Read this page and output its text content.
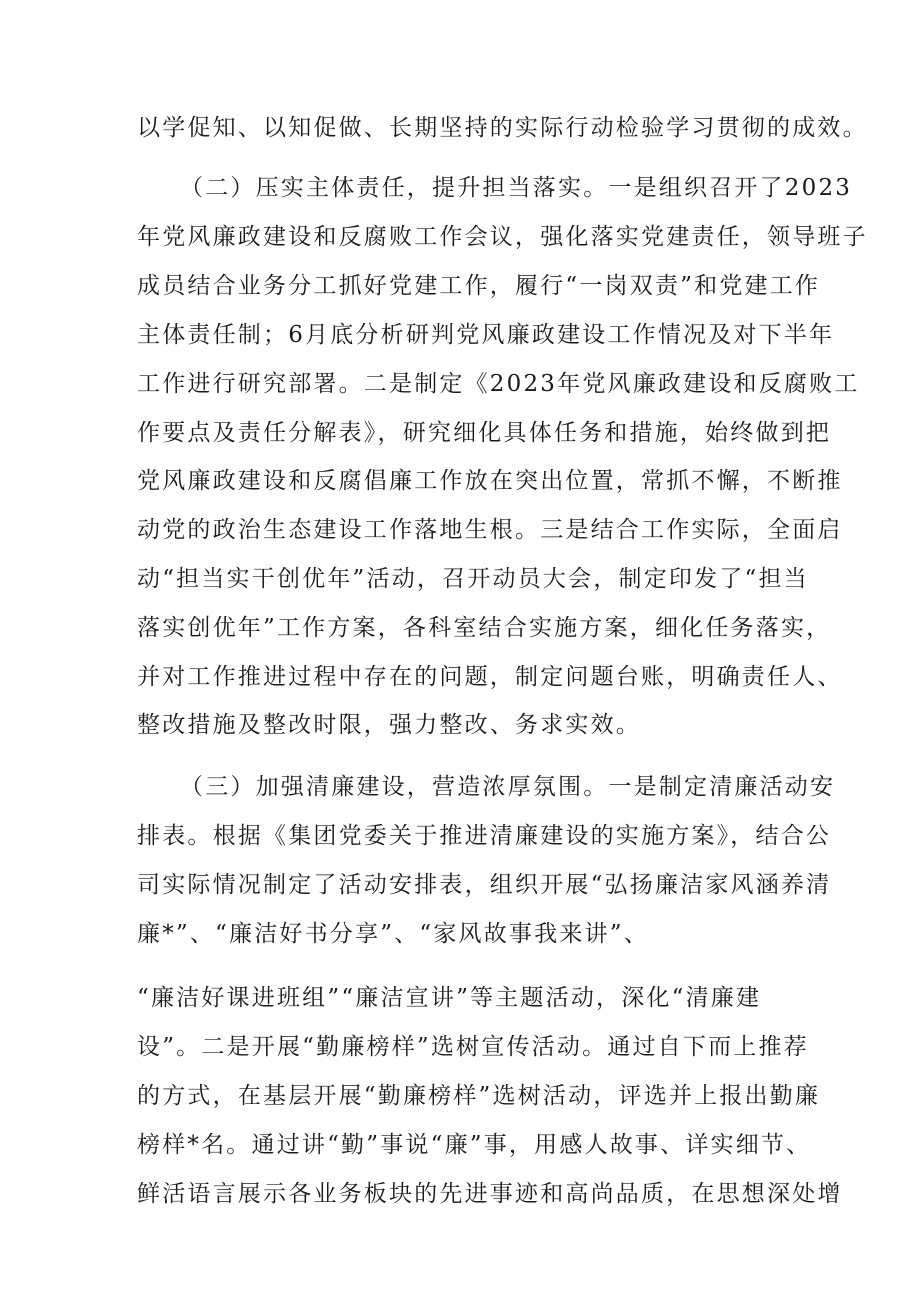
以学促知、以知促做、长期坚持的实际行动检验学习贯彻的成效。
（二）压实主体责任，提升担当落实。一是组织召开了2023
年党风廉政建设和反腐败工作会议，强化落实党建责任，领导班子
成员结合业务分工抓好党建工作，履行“一岗双责”和党建工作
主体责任制；6月底分析研判党风廉政建设工作情况及对下半年
工作进行研究部署。二是制定《2023年党风廉政建设和反腐败工
作要点及责任分解表》，研究细化具体任务和措施，始终做到把
党风廉政建设和反腐倡廉工作放在突出位置，常抓不懈，不断推
动党的政治生态建设工作落地生根。三是结合工作实际，全面启
动“担当实干创优年”活动，召开动员大会，制定印发了“担当
落实创优年”工作方案，各科室结合实施方案，细化任务落实，
并对工作推进过程中存在的问题，制定问题台账，明确责任人、
整改措施及整改时限，强力整改、务求实效。
（三）加强清廉建设，营造浓厚氛围。一是制定清廉活动安
排表。根据《集团党委关于推进清廉建设的实施方案》，结合公
司实际情况制定了活动安排表，组织开展“弘扬廉洁家风涵养清
廉*”、“廉洁好书分享”、“家风故事我来讲”、
“廉洁好课进班组”“廉洁宣讲”等主题活动，深化“清廉建
设”。二是开展“勤廉榜样”选树宣传活动。通过自下而上推荐
的方式，在基层开展“勤廉榜样”选树活动，评选并上报出勤廉
榜样*名。通过讲“勤”事说“廉”事，用感人故事、详实细节、
鲜活语言展示各业务板块的先进事迹和高尚品质，在思想深处增
